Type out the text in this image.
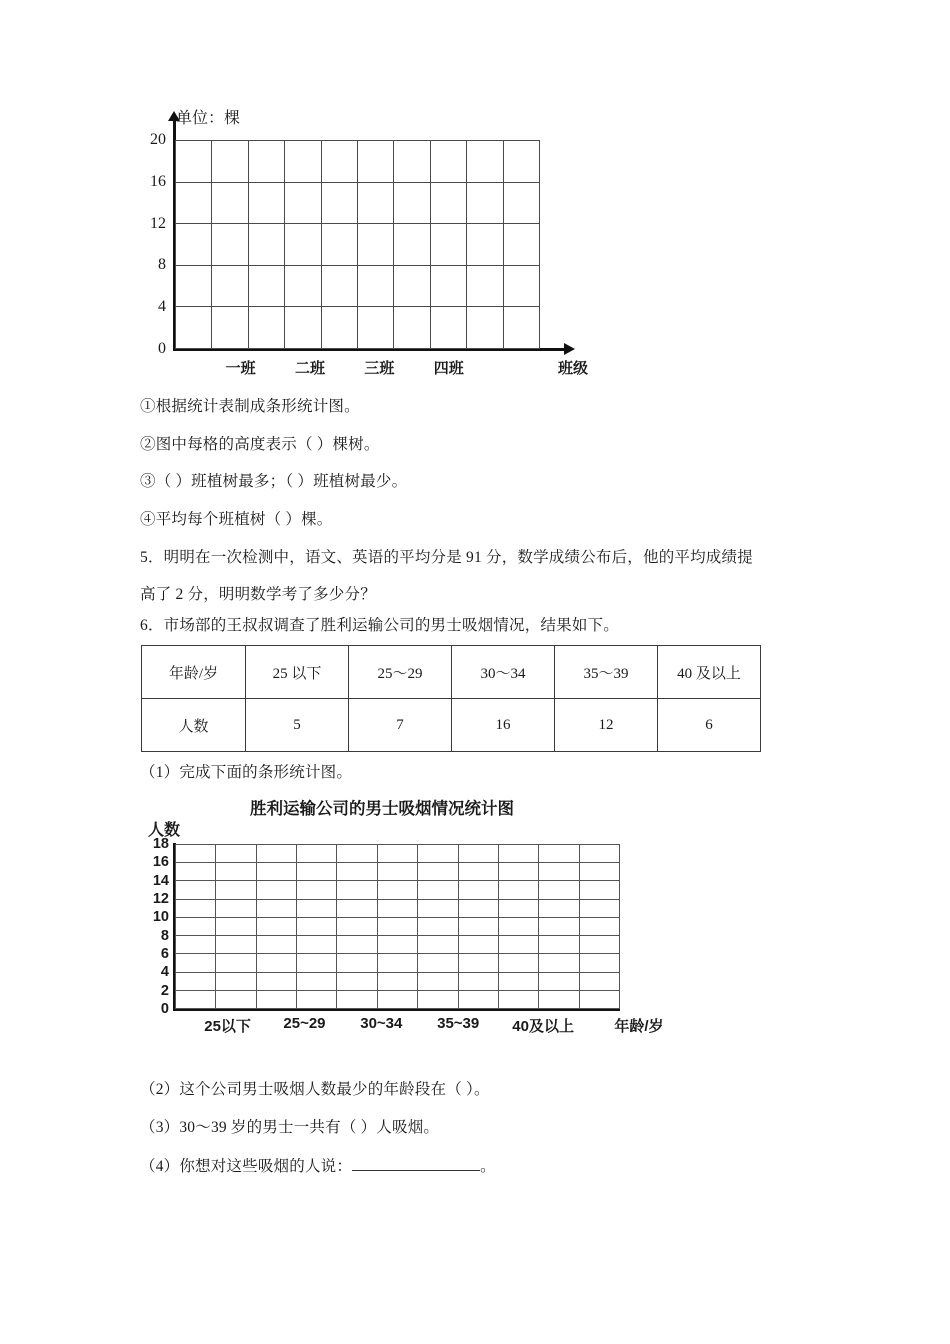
单位：棵
20
16
12
8
4
0
一班	二班	三班	四班	班级
①根据统计表制成条形统计图。
②图中每格的高度表示（ ）棵树。
③（ ）班植树最多；（ ）班植树最少。
④平均每个班植树（ ）棵。
5．明明在一次检测中，语文、英语的平均分是 91 分，数学成绩公布后，他的平均成绩提
高了 2 分，明明数学考了多少分？
6．市场部的王叔叔调查了胜利运输公司的男士吸烟情况，结果如下。
年龄/岁	25 以下	25～29	30～34	35～39	40 及以上
人数	5	7	16	12	6
（1）完成下面的条形统计图。
胜利运输公司的男士吸烟情况统计图
人数
18
16
14
12
10
8
6
4
2
0
25以下 25~29 30~34 35~39 40及以上	年龄/岁
（2）这个公司男士吸烟人数最少的年龄段在（ ）。
（3）30～39 岁的男士一共有（ ）人吸烟。
（4）你想对这些吸烟的人说：	。
